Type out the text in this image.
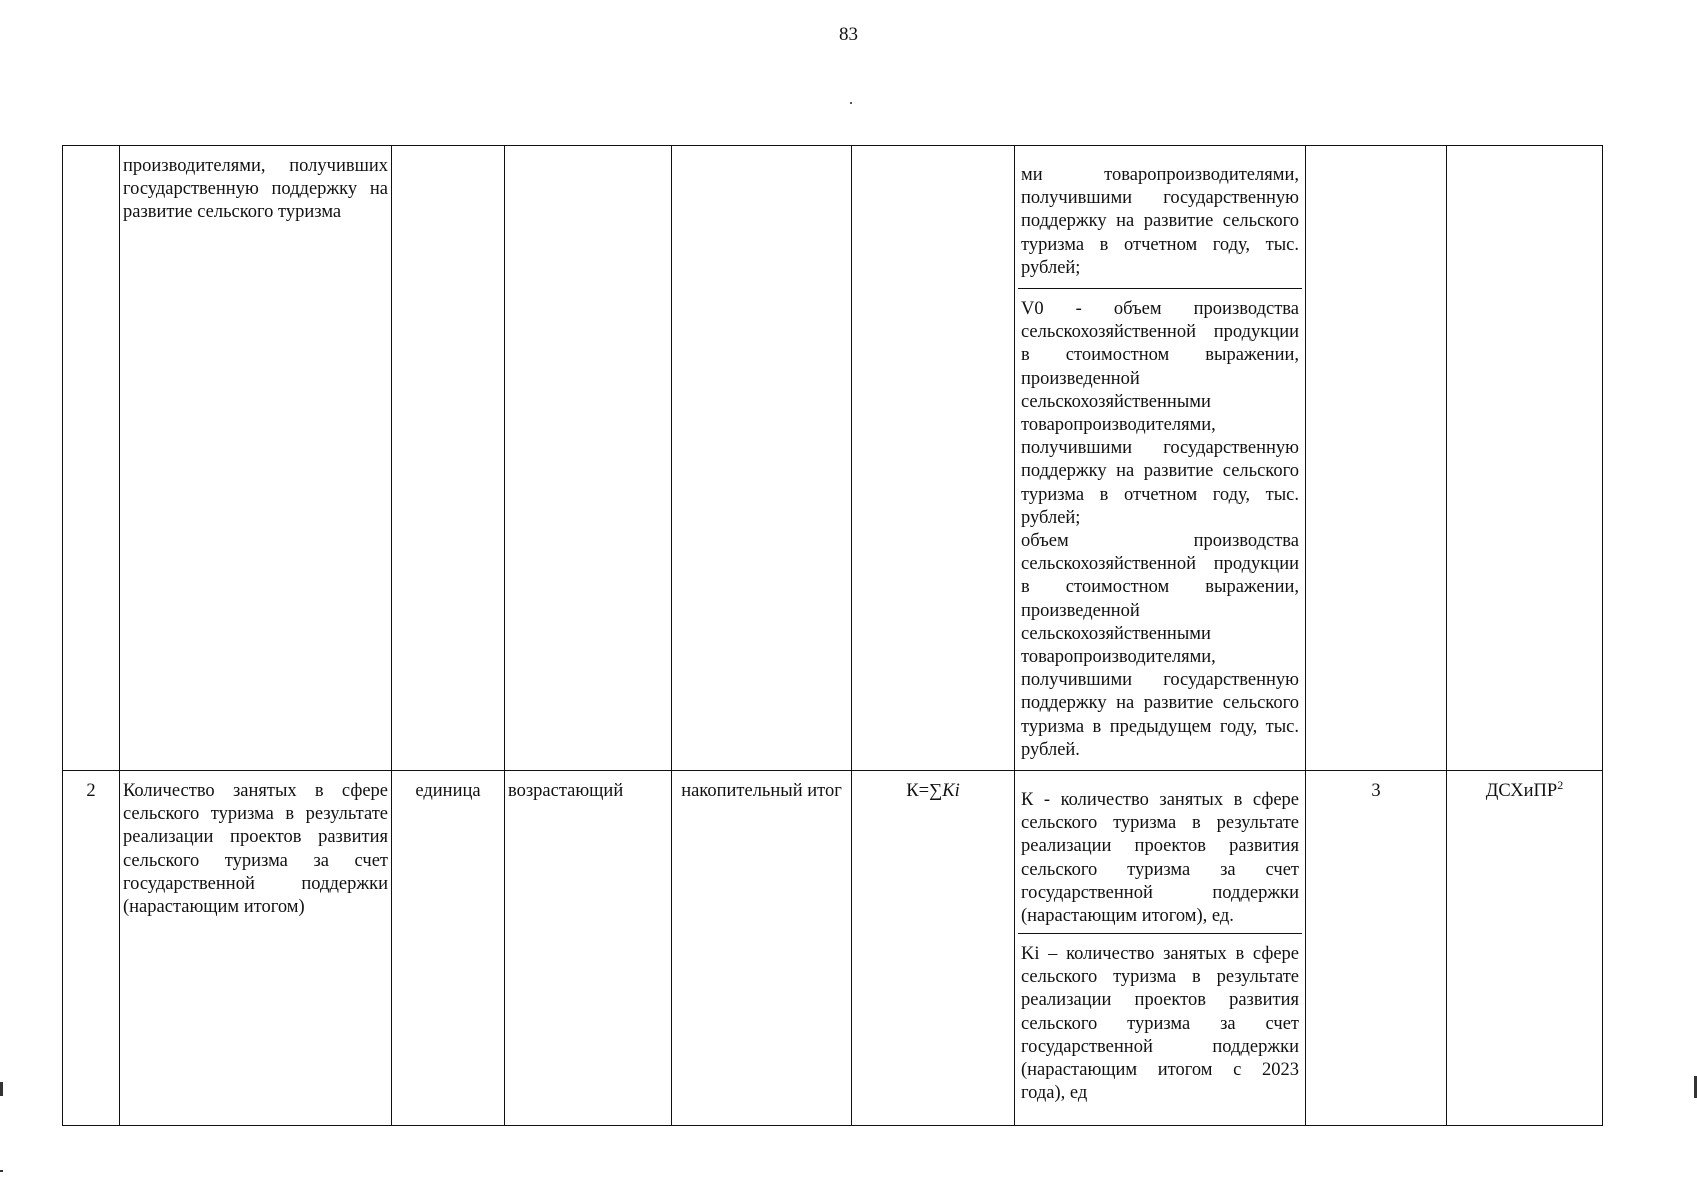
83
	производителями, получивших государственную поддержку на развитие сельского туризма					ми товаропроизводителями, получившими государственную поддержку на развитие сельского туризма в отчетном году, тыс. рублей;

V0 - объем производства сельскохозяйственной продукции в стоимостном выражении, произведенной сельскохозяйственными товаропроизводителями, получившими государственную поддержку на развитие сельского туризма в отчетном году, тыс. рублей;

объем производства сельскохозяйственной продукции в стоимостном выражении, произведенной сельскохозяйственными товаропроизводителями, получившими государственную поддержку на развитие сельского туризма в предыдущем году, тыс. рублей.		

2	Количество занятых в сфере сельского туризма в результате реализации проектов развития сельского туризма за счет государственной поддержки (нарастающим итогом)	единица	возрастающий	накопительный итог	К=∑Ki	К - количество занятых в сфере сельского туризма в результате реализации проектов развития сельского туризма за счет государственной поддержки (нарастающим итогом), ед.
Ki – количество занятых в сфере сельского туризма в результате реализации проектов развития сельского туризма за счет государственной поддержки (нарастающим итогом с 2023 года), ед	3	ДСХиПР$^2$
